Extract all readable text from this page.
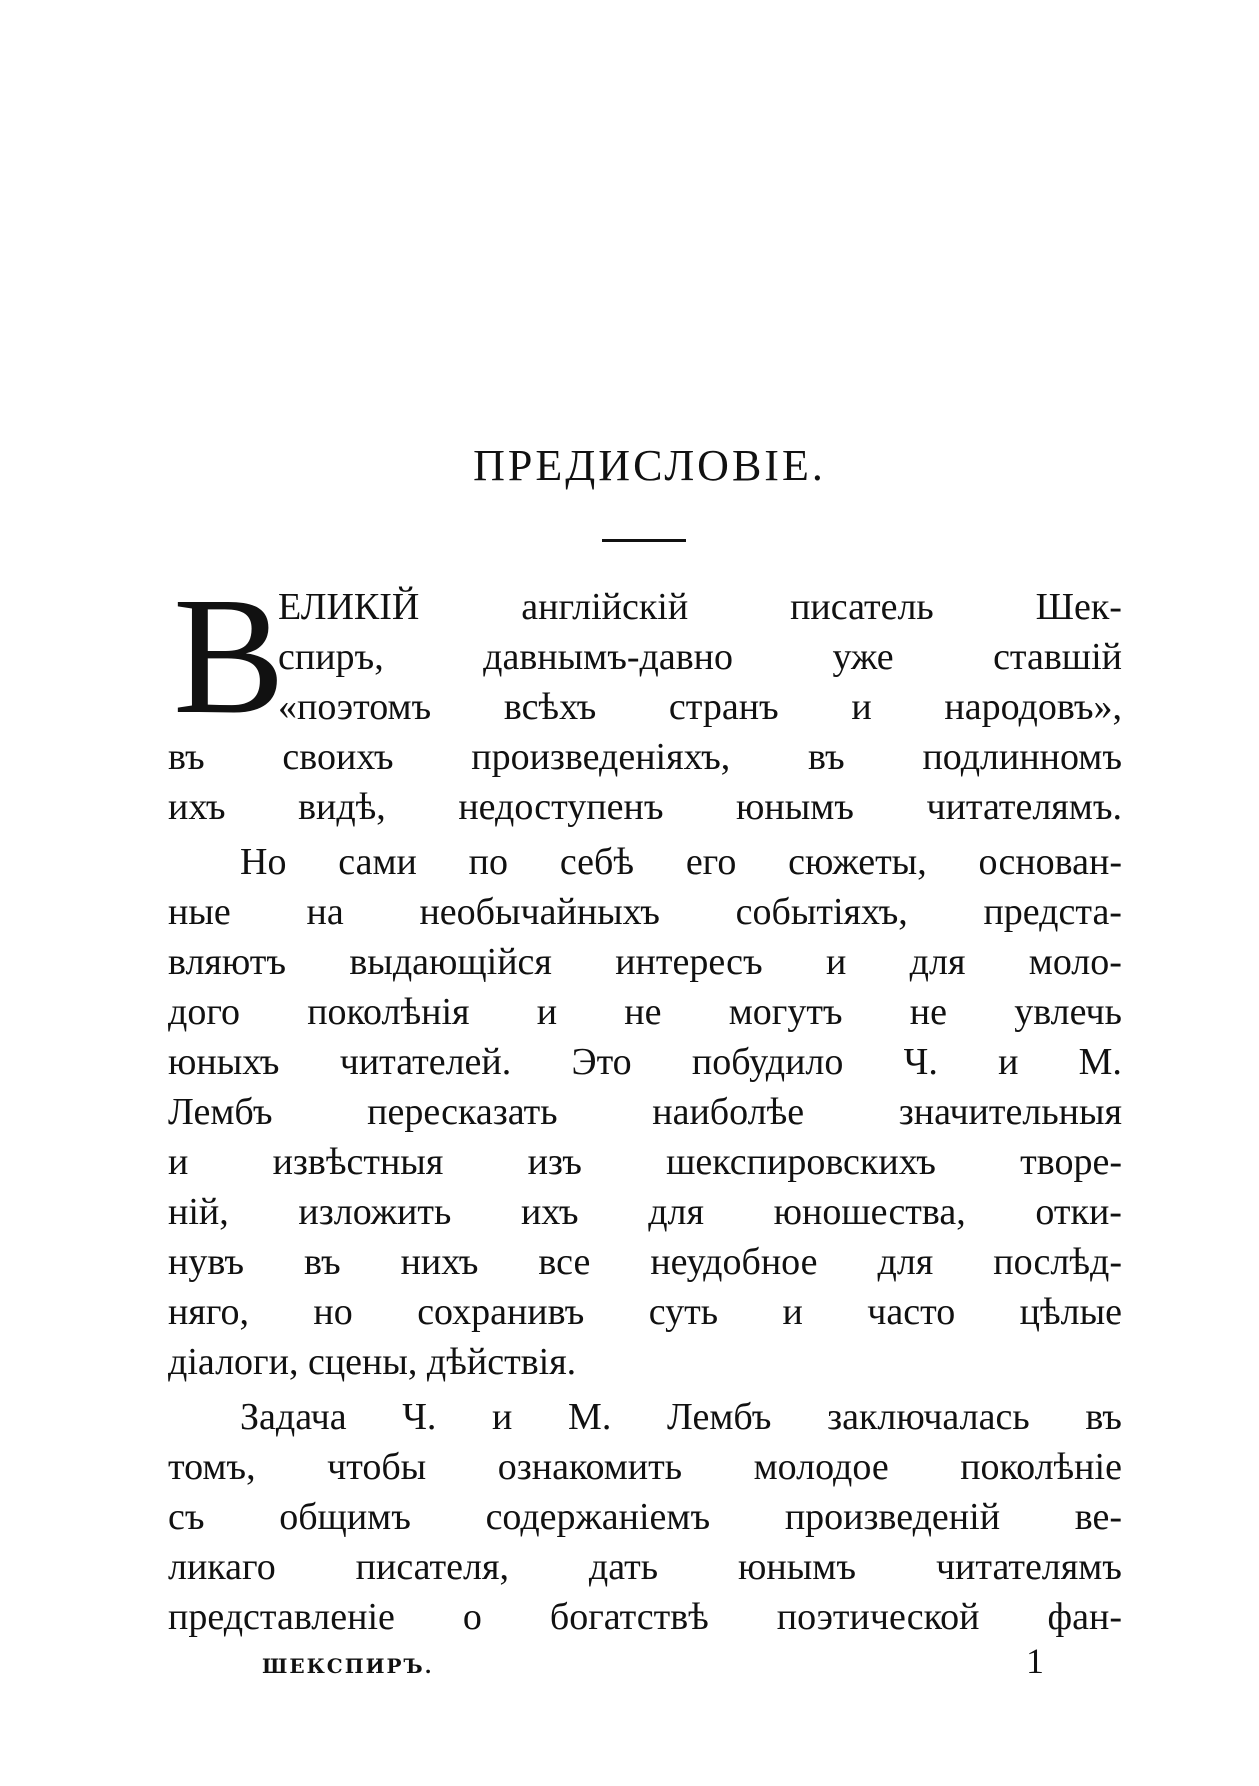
ПРЕДИСЛОВІЕ.
В
ЕЛИКІЙ	англійскій	писатель	Шек-
спиръ,	давнымъ-давно	уже	ставшій
«поэтомъ всѣхъ странъ и народовъ»,
въ своихъ произведеніяхъ, въ подлинномъ
ихъ видѣ, недоступенъ юнымъ читателямъ.
Но сами по себѣ его сюжеты, основан-
ные на необычайныхъ событіяхъ, предста-
вляютъ выдающійся интересъ и для моло-
дого поколѣнія и не могутъ не увлечь
юныхъ читателей. Это побудило Ч. и М.
Лембъ пересказать наиболѣе значительныя
и извѣстныя изъ шекспировскихъ творе-
ній, изложить ихъ для юношества, отки-
нувъ въ нихъ все неудобное для послѣд-
няго, но сохранивъ суть и часто цѣлые
діалоги, сцены, дѣйствія.
Задача Ч. и М. Лембъ заключалась въ
томъ, чтобы ознакомить молодое поколѣніе
съ общимъ содержаніемъ произведеній ве-
ликаго писателя, дать юнымъ читателямъ
представленіе о богатствѣ поэтической фан-
ШЕКСПИРЪ.	1
